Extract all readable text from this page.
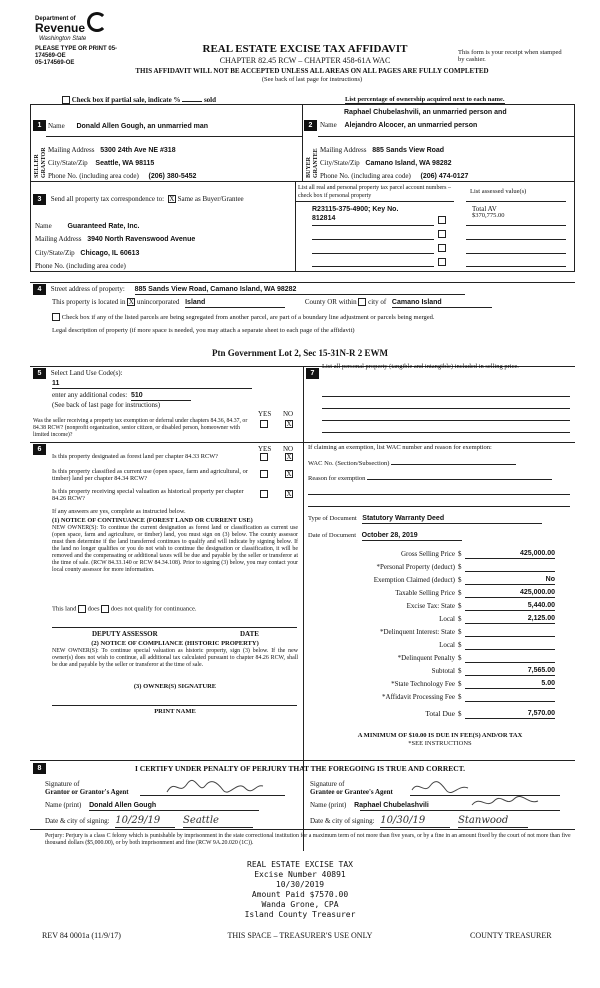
Department of
Revenue
Washington State
PLEASE TYPE OR PRINT 05-
174569-OE
05-174569-OE
REAL ESTATE EXCISE TAX AFFIDAVIT
CHAPTER 82.45 RCW – CHAPTER 458-61A WAC
This form is your receipt when stamped by cashier.
THIS AFFIDAVIT WILL NOT BE ACCEPTED UNLESS ALL AREAS ON ALL PAGES ARE FULLY COMPLETED
(See back of last page for instructions)
Check box if partial sale, indicate %	sold	List percentage of ownership acquired next to each name.
1
SELLER GRANTOR
Name Donald Allen Gough, an unmarried man
Mailing Address 5300 24th Ave NE #318
City/State/Zip Seattle, WA 98115
Phone No. (including area code) (206) 380-5452
2
BUYER GRANTEE
Raphael Chubelashvili, an unmarried person and
Name Alejandro Alcocer, an unmarried person
Mailing Address 885 Sands View Road
City/State/Zip Camano Island, WA 98282
Phone No. (including area code) (206) 474-0127
3 Send all property tax correspondence to: X Same as Buyer/Grantee
Name Guaranteed Rate, Inc.
Mailing Address 3940 North Ravenswood Avenue
City/State/Zip Chicago, IL 60613
Phone No. (including area code)
List all real and personal property tax parcel account numbers – check box if personal property
List assessed value(s)
R23115-375-4900; Key No.
812814
Total AV
$370,775.00
4 Street address of property: 885 Sands View Road, Camano Island, WA 98282
This property is located in X unincorporated Island	County OR within city of Camano Island
Check box if any of the listed parcels are being segregated from another parcel, are part of a boundary line adjustment or parcels being merged.
Legal description of property (if more space is needed, you may attach a separate sheet to each page of the affidavit)
Ptn Government Lot 2, Sec 15-31N-R 2 EWM
5 Select Land Use Code(s):
11
enter any additional codes: 510
(See back of last page for instructions)
YES NO
Was the seller receiving a property tax exemption or deferral under chapters 84.36, 84.37, or 84.38 RCW? (nonprofit organization, senior citizen, or disabled person, homeowner with limited income)?
X
6	YES NO
Is this property designated as forest land per chapter 84.33 RCW?	X
Is this property classified as current use (open space, farm and agricultural, or timber) land per chapter 84.34 RCW?
X
Is this property receiving special valuation as historical property per chapter 84.26 RCW?
X
If any answers are yes, complete as instructed below.
(1) NOTICE OF CONTINUANCE (FOREST LAND OR CURRENT USE)
NEW OWNER(S): To continue the current designation as forest land or classification as current use (open space, farm and agriculture, or timber) land, you must sign on (3) below. The county assessor must then determine if the land transferred continues to qualify and will indicate by signing below. If the land no longer qualifies or you do not wish to continue the designation or classification, it will be removed and the compensating or additional taxes will be due and payable by the seller or transferor at the time of sale. (RCW 84.33.140 or RCW 84.34.108). Prior to signing (3) below, you may contact your local county assessor for more information.
This land does does not qualify for continuance.
DEPUTY ASSESSOR	DATE
(2) NOTICE OF COMPLIANCE (HISTORIC PROPERTY)
NEW OWNER(S): To continue special valuation as historic property, sign (3) below. If the new owner(s) does not wish to continue, all additional tax calculated pursuant to chapter 84.26 RCW, shall be due and payable by the seller or transferor at the time of sale.
(3) OWNER(S) SIGNATURE
PRINT NAME
7
List all personal property (tangible and intangible) included in selling price.
If claiming an exemption, list WAC number and reason for exemption:
WAC No. (Section/Subsection)
Reason for exemption
Type of Document Statutory Warranty Deed
Date of Document October 28, 2019
Gross Selling Price $	425,000.00
*Personal Property (deduct) $
Exemption Claimed (deduct) $	No
Taxable Selling Price $	425,000.00
Excise Tax: State $	5,440.00
Local $	2,125.00
*Delinquent Interest: State $
Local $
*Delinquent Penalty $
Subtotal $	7,565.00
*State Technology Fee $	5.00
*Affidavit Processing Fee $
Total Due $	7,570.00
A MINIMUM OF $10.00 IS DUE IN FEE(S) AND/OR TAX
*SEE INSTRUCTIONS
8	I CERTIFY UNDER PENALTY OF PERJURY THAT THE FOREGOING IS TRUE AND CORRECT.
Signature of
Grantor or Grantor's Agent
Name (print) Donald Allen Gough
Date & city of signing: 10/29/19 Seattle
Signature of
Grantee or Grantee's Agent
Name (print) Raphael Chubelashvili
Date & city of signing: 10/30/19	Stanwood
Perjury: Perjury is a class C felony which is punishable by imprisonment in the state correctional institution for a maximum term of not more than five years, or by a fine in an amount fixed by the court of not more than five thousand dollars ($5,000.00), or by both imprisonment and fine (RCW 9A.20.020 (1C)).
REAL ESTATE EXCISE TAX
Excise Number 40891
10/30/2019
Amount Paid $7570.00
Wanda Grone, CPA
Island County Treasurer
REV 84 0001a (11/9/17)	THIS SPACE – TREASURER'S USE ONLY	COUNTY TREASURER
